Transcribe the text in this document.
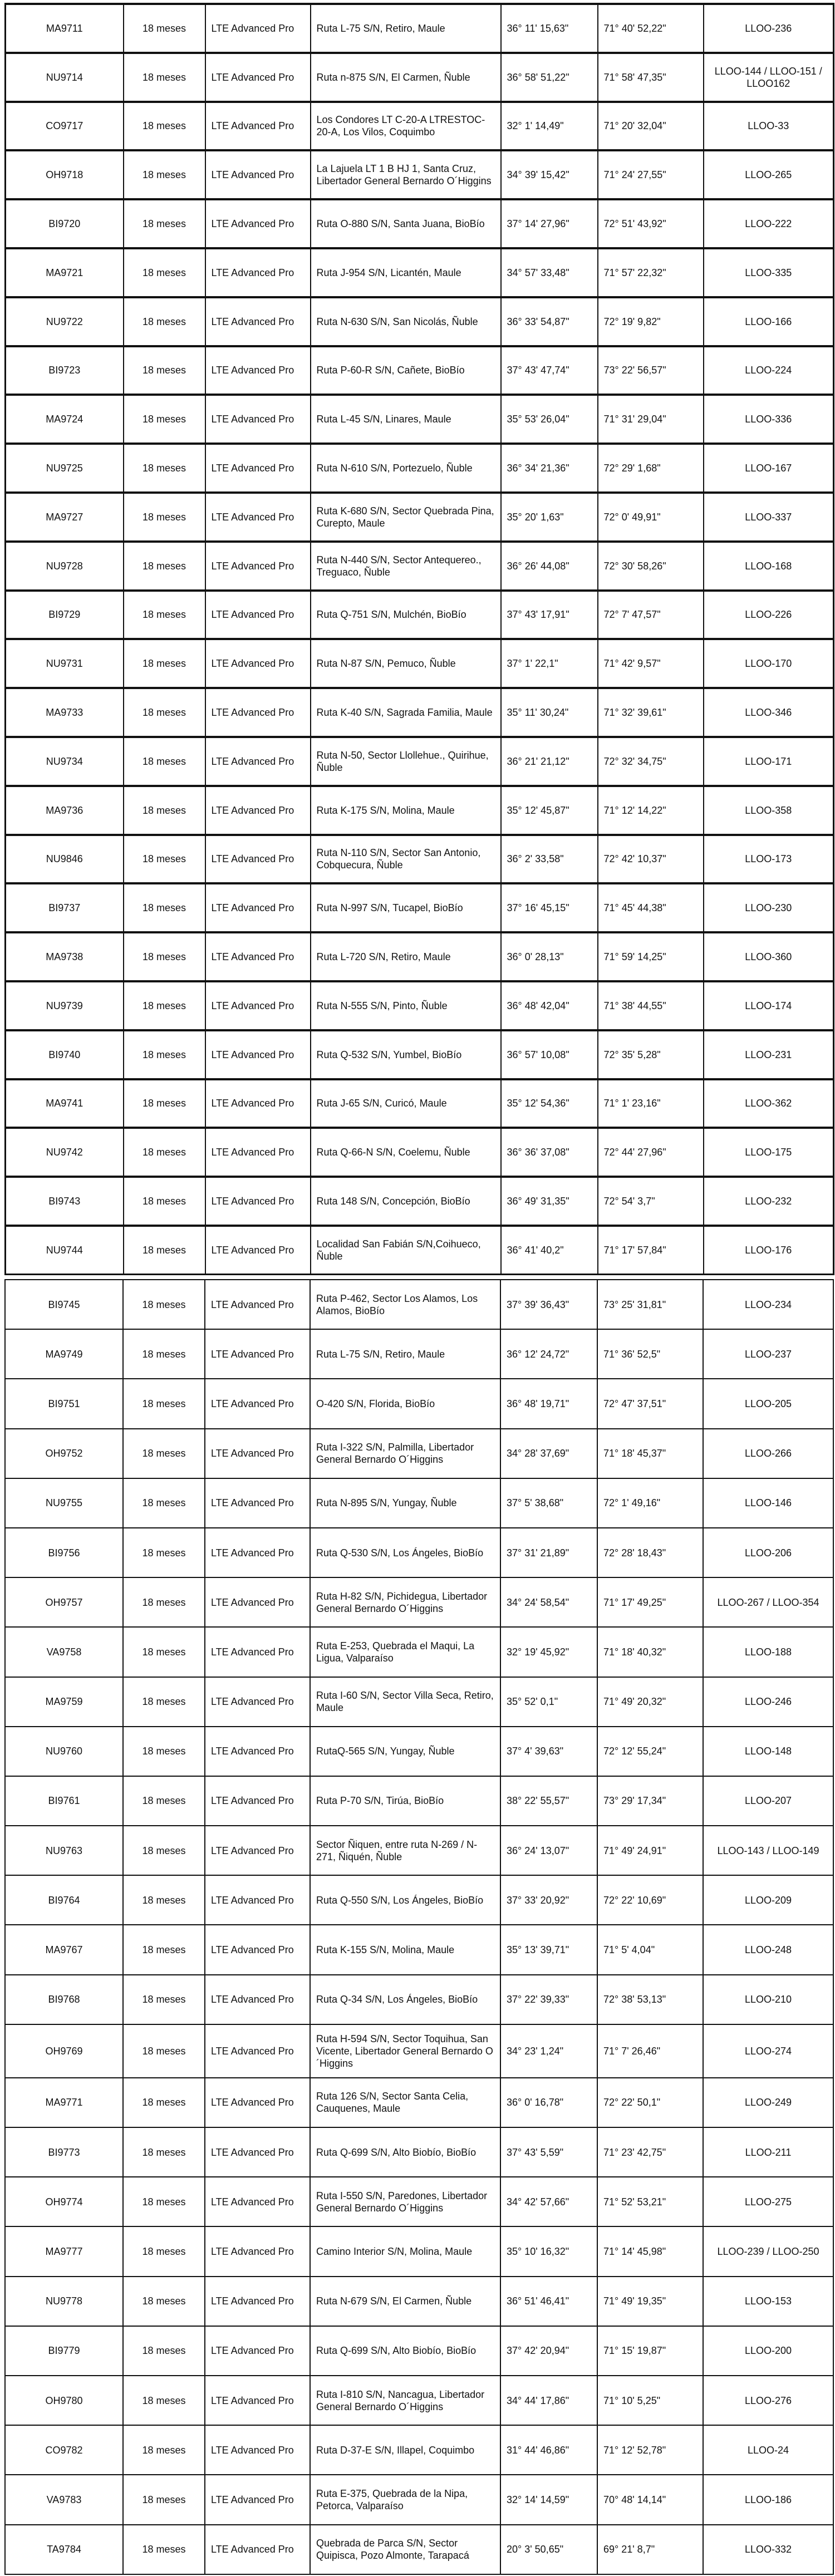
MA9711	18 meses	LTE Advanced Pro	Ruta L-75 S/N, Retiro, Maule	36° 11' 15,63"	71° 40' 52,22"	LLOO-236
NU9714	18 meses	LTE Advanced Pro	Ruta n-875 S/N, El Carmen, Ñuble	36° 58' 51,22"	71° 58' 47,35"	LLOO-144 / LLOO-151 / LLOO162
CO9717	18 meses	LTE Advanced Pro	Los Condores LT C-20-A LTRESTOC-20-A, Los Vilos, Coquimbo	32° 1' 14,49"	71° 20' 32,04"	LLOO-33
OH9718	18 meses	LTE Advanced Pro	La Lajuela LT 1 B HJ 1, Santa Cruz, Libertador General Bernardo O´Higgins	34° 39' 15,42"	71° 24' 27,55"	LLOO-265
BI9720	18 meses	LTE Advanced Pro	Ruta O-880 S/N, Santa Juana, BioBío	37° 14' 27,96"	72° 51' 43,92"	LLOO-222
MA9721	18 meses	LTE Advanced Pro	Ruta J-954 S/N, Licantén, Maule	34° 57' 33,48"	71° 57' 22,32"	LLOO-335
NU9722	18 meses	LTE Advanced Pro	Ruta N-630 S/N, San Nicolás, Ñuble	36° 33' 54,87"	72° 19' 9,82"	LLOO-166
BI9723	18 meses	LTE Advanced Pro	Ruta P-60-R S/N, Cañete, BioBío	37° 43' 47,74"	73° 22' 56,57"	LLOO-224
MA9724	18 meses	LTE Advanced Pro	Ruta L-45 S/N, Linares, Maule	35° 53' 26,04"	71° 31' 29,04"	LLOO-336
NU9725	18 meses	LTE Advanced Pro	Ruta N-610 S/N, Portezuelo, Ñuble	36° 34' 21,36"	72° 29' 1,68"	LLOO-167
MA9727	18 meses	LTE Advanced Pro	Ruta K-680 S/N, Sector Quebrada Pina, Curepto, Maule	35° 20' 1,63"	72° 0' 49,91"	LLOO-337
NU9728	18 meses	LTE Advanced Pro	Ruta N-440 S/N, Sector Antequereo., Treguaco, Ñuble	36° 26' 44,08"	72° 30' 58,26"	LLOO-168
BI9729	18 meses	LTE Advanced Pro	Ruta Q-751 S/N, Mulchén, BioBío	37° 43' 17,91"	72° 7' 47,57"	LLOO-226
NU9731	18 meses	LTE Advanced Pro	Ruta N-87 S/N, Pemuco, Ñuble	37° 1' 22,1"	71° 42' 9,57"	LLOO-170
MA9733	18 meses	LTE Advanced Pro	Ruta K-40 S/N, Sagrada Familia, Maule	35° 11' 30,24"	71° 32' 39,61"	LLOO-346
NU9734	18 meses	LTE Advanced Pro	Ruta N-50, Sector Llollehue., Quirihue, Ñuble	36° 21' 21,12"	72° 32' 34,75"	LLOO-171
MA9736	18 meses	LTE Advanced Pro	Ruta K-175 S/N, Molina, Maule	35° 12' 45,87"	71° 12' 14,22"	LLOO-358
NU9846	18 meses	LTE Advanced Pro	Ruta N-110 S/N, Sector San Antonio, Cobquecura, Ñuble	36° 2' 33,58"	72° 42' 10,37"	LLOO-173
BI9737	18 meses	LTE Advanced Pro	Ruta N-997 S/N, Tucapel, BioBío	37° 16' 45,15"	71° 45' 44,38"	LLOO-230
MA9738	18 meses	LTE Advanced Pro	Ruta L-720 S/N, Retiro, Maule	36° 0' 28,13"	71° 59' 14,25"	LLOO-360
NU9739	18 meses	LTE Advanced Pro	Ruta N-555 S/N, Pinto, Ñuble	36° 48' 42,04"	71° 38' 44,55"	LLOO-174
BI9740	18 meses	LTE Advanced Pro	Ruta Q-532 S/N, Yumbel, BioBío	36° 57' 10,08"	72° 35' 5,28"	LLOO-231
MA9741	18 meses	LTE Advanced Pro	Ruta J-65 S/N, Curicó, Maule	35° 12' 54,36"	71° 1' 23,16"	LLOO-362
NU9742	18 meses	LTE Advanced Pro	Ruta Q-66-N S/N, Coelemu, Ñuble	36° 36' 37,08"	72° 44' 27,96"	LLOO-175
BI9743	18 meses	LTE Advanced Pro	Ruta 148 S/N, Concepción, BioBío	36° 49' 31,35"	72° 54' 3,7"	LLOO-232
NU9744	18 meses	LTE Advanced Pro	Localidad San Fabián S/N,Coihueco, Ñuble	36° 41' 40,2"	71° 17' 57,84"	LLOO-176
BI9745	18 meses	LTE Advanced Pro	Ruta P-462, Sector Los Alamos, Los Alamos, BioBío	37° 39' 36,43"	73° 25' 31,81"	LLOO-234
MA9749	18 meses	LTE Advanced Pro	Ruta L-75 S/N, Retiro, Maule	36° 12' 24,72"	71° 36' 52,5"	LLOO-237
BI9751	18 meses	LTE Advanced Pro	O-420 S/N, Florida, BioBío	36° 48' 19,71"	72° 47' 37,51"	LLOO-205
OH9752	18 meses	LTE Advanced Pro	Ruta I-322 S/N, Palmilla, Libertador General Bernardo O´Higgins	34° 28' 37,69"	71° 18' 45,37"	LLOO-266
NU9755	18 meses	LTE Advanced Pro	Ruta N-895 S/N, Yungay, Ñuble	37° 5' 38,68"	72° 1' 49,16"	LLOO-146
BI9756	18 meses	LTE Advanced Pro	Ruta Q-530 S/N, Los Ángeles, BioBío	37° 31' 21,89"	72° 28' 18,43"	LLOO-206
OH9757	18 meses	LTE Advanced Pro	Ruta H-82 S/N, Pichidegua, Libertador General Bernardo O´Higgins	34° 24' 58,54"	71° 17' 49,25"	LLOO-267 / LLOO-354
VA9758	18 meses	LTE Advanced Pro	Ruta E-253, Quebrada el Maqui, La Ligua, Valparaíso	32° 19' 45,92"	71° 18' 40,32"	LLOO-188
MA9759	18 meses	LTE Advanced Pro	Ruta I-60 S/N, Sector Villa Seca, Retiro, Maule	35° 52' 0,1"	71° 49' 20,32"	LLOO-246
NU9760	18 meses	LTE Advanced Pro	RutaQ-565 S/N, Yungay, Ñuble	37° 4' 39,63"	72° 12' 55,24"	LLOO-148
BI9761	18 meses	LTE Advanced Pro	Ruta P-70 S/N, Tirúa, BioBío	38° 22' 55,57"	73° 29' 17,34"	LLOO-207
NU9763	18 meses	LTE Advanced Pro	Sector Ñiquen, entre ruta N-269 / N-271, Ñiquén, Ñuble	36° 24' 13,07"	71° 49' 24,91"	LLOO-143 / LLOO-149
BI9764	18 meses	LTE Advanced Pro	Ruta Q-550 S/N, Los Ángeles, BioBío	37° 33' 20,92"	72° 22' 10,69"	LLOO-209
MA9767	18 meses	LTE Advanced Pro	Ruta K-155 S/N, Molina, Maule	35° 13' 39,71"	71° 5' 4,04"	LLOO-248
BI9768	18 meses	LTE Advanced Pro	Ruta Q-34 S/N, Los Ángeles, BioBío	37° 22' 39,33"	72° 38' 53,13"	LLOO-210
OH9769	18 meses	LTE Advanced Pro	Ruta H-594 S/N, Sector Toquihua, San Vicente, Libertador General Bernardo O´Higgins	34° 23' 1,24"	71° 7' 26,46"	LLOO-274
MA9771	18 meses	LTE Advanced Pro	Ruta 126 S/N, Sector Santa Celia, Cauquenes, Maule	36° 0' 16,78"	72° 22' 50,1"	LLOO-249
BI9773	18 meses	LTE Advanced Pro	Ruta Q-699 S/N, Alto Biobío, BioBío	37° 43' 5,59"	71° 23' 42,75"	LLOO-211
OH9774	18 meses	LTE Advanced Pro	Ruta I-550 S/N, Paredones, Libertador General Bernardo O´Higgins	34° 42' 57,66"	71° 52' 53,21"	LLOO-275
MA9777	18 meses	LTE Advanced Pro	Camino Interior S/N, Molina, Maule	35° 10' 16,32"	71° 14' 45,98"	LLOO-239 / LLOO-250
NU9778	18 meses	LTE Advanced Pro	Ruta N-679 S/N, El Carmen, Ñuble	36° 51' 46,41"	71° 49' 19,35"	LLOO-153
BI9779	18 meses	LTE Advanced Pro	Ruta Q-699 S/N, Alto Biobío, BioBío	37° 42' 20,94"	71° 15' 19,87"	LLOO-200
OH9780	18 meses	LTE Advanced Pro	Ruta I-810 S/N, Nancagua, Libertador General Bernardo O´Higgins	34° 44' 17,86"	71° 10' 5,25"	LLOO-276
CO9782	18 meses	LTE Advanced Pro	Ruta D-37-E S/N, Illapel, Coquimbo	31° 44' 46,86"	71° 12' 52,78"	LLOO-24
VA9783	18 meses	LTE Advanced Pro	Ruta E-375, Quebrada de la Nipa, Petorca, Valparaíso	32° 14' 14,59"	70° 48' 14,14"	LLOO-186
TA9784	18 meses	LTE Advanced Pro	Quebrada de Parca S/N, Sector Quipisca, Pozo Almonte, Tarapacá	20° 3' 50,65"	69° 21' 8,7"	LLOO-332
